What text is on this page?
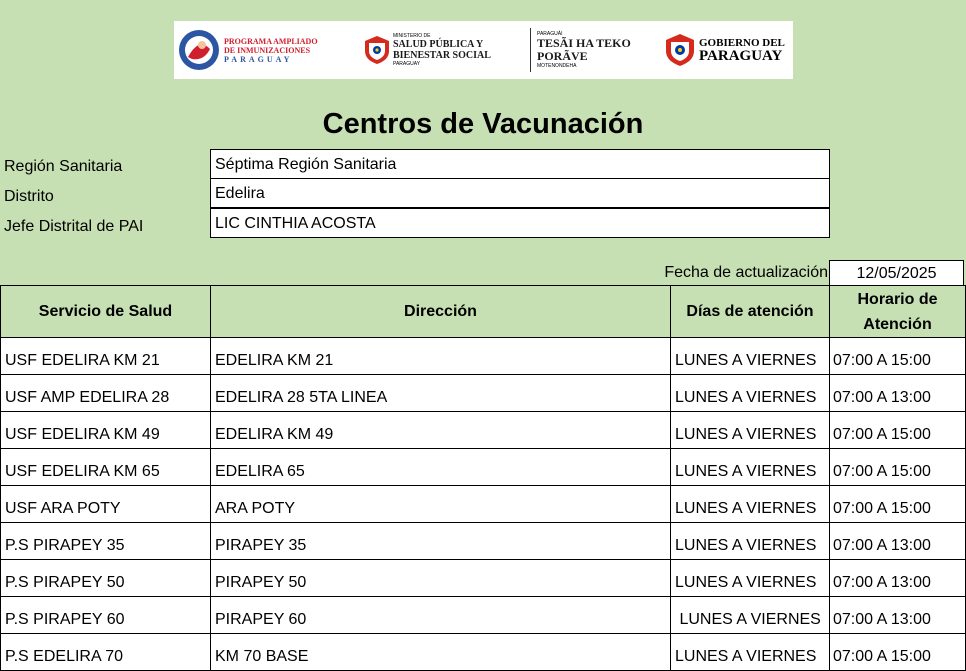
PROGRAMA AMPLIADO
DE INMUNIZACIONES
PARAGUAY
MINISTERIO DE
SALUD PÚBLICA Y
BIENESTAR SOCIAL
PARAGUAY
PARAGUÁI
TESÃI HA TEKO
PORÃVE
MOTENONDEHA
GOBIERNO DEL
PARAGUAY
Centros de Vacunación
Región Sanitaria	Séptima Región Sanitaria
Distrito	Edelira
Jefe Distrital de PAI	LIC CINTHIA ACOSTA
Fecha de actualización	12/05/2025
Servicio de Salud	Dirección	Días de atención	Horario de Atención
USF EDELIRA KM 21	EDELIRA KM 21	LUNES A VIERNES	07:00 A 15:00
USF AMP EDELIRA 28	EDELIRA 28 5TA LINEA	LUNES A VIERNES	07:00 A 13:00
USF EDELIRA KM 49	EDELIRA KM 49	LUNES A VIERNES	07:00 A 15:00
USF EDELIRA KM 65	EDELIRA 65	LUNES A VIERNES	07:00 A 15:00
USF ARA POTY	ARA POTY	LUNES A VIERNES	07:00 A 15:00
P.S PIRAPEY 35	PIRAPEY 35	LUNES A VIERNES	07:00 A 13:00
P.S PIRAPEY 50	PIRAPEY 50	LUNES A VIERNES	07:00 A 13:00
P.S PIRAPEY 60	PIRAPEY 60	LUNES A VIERNES	07:00 A 13:00
P.S EDELIRA 70	KM 70 BASE	LUNES A VIERNES	07:00 A 15:00
